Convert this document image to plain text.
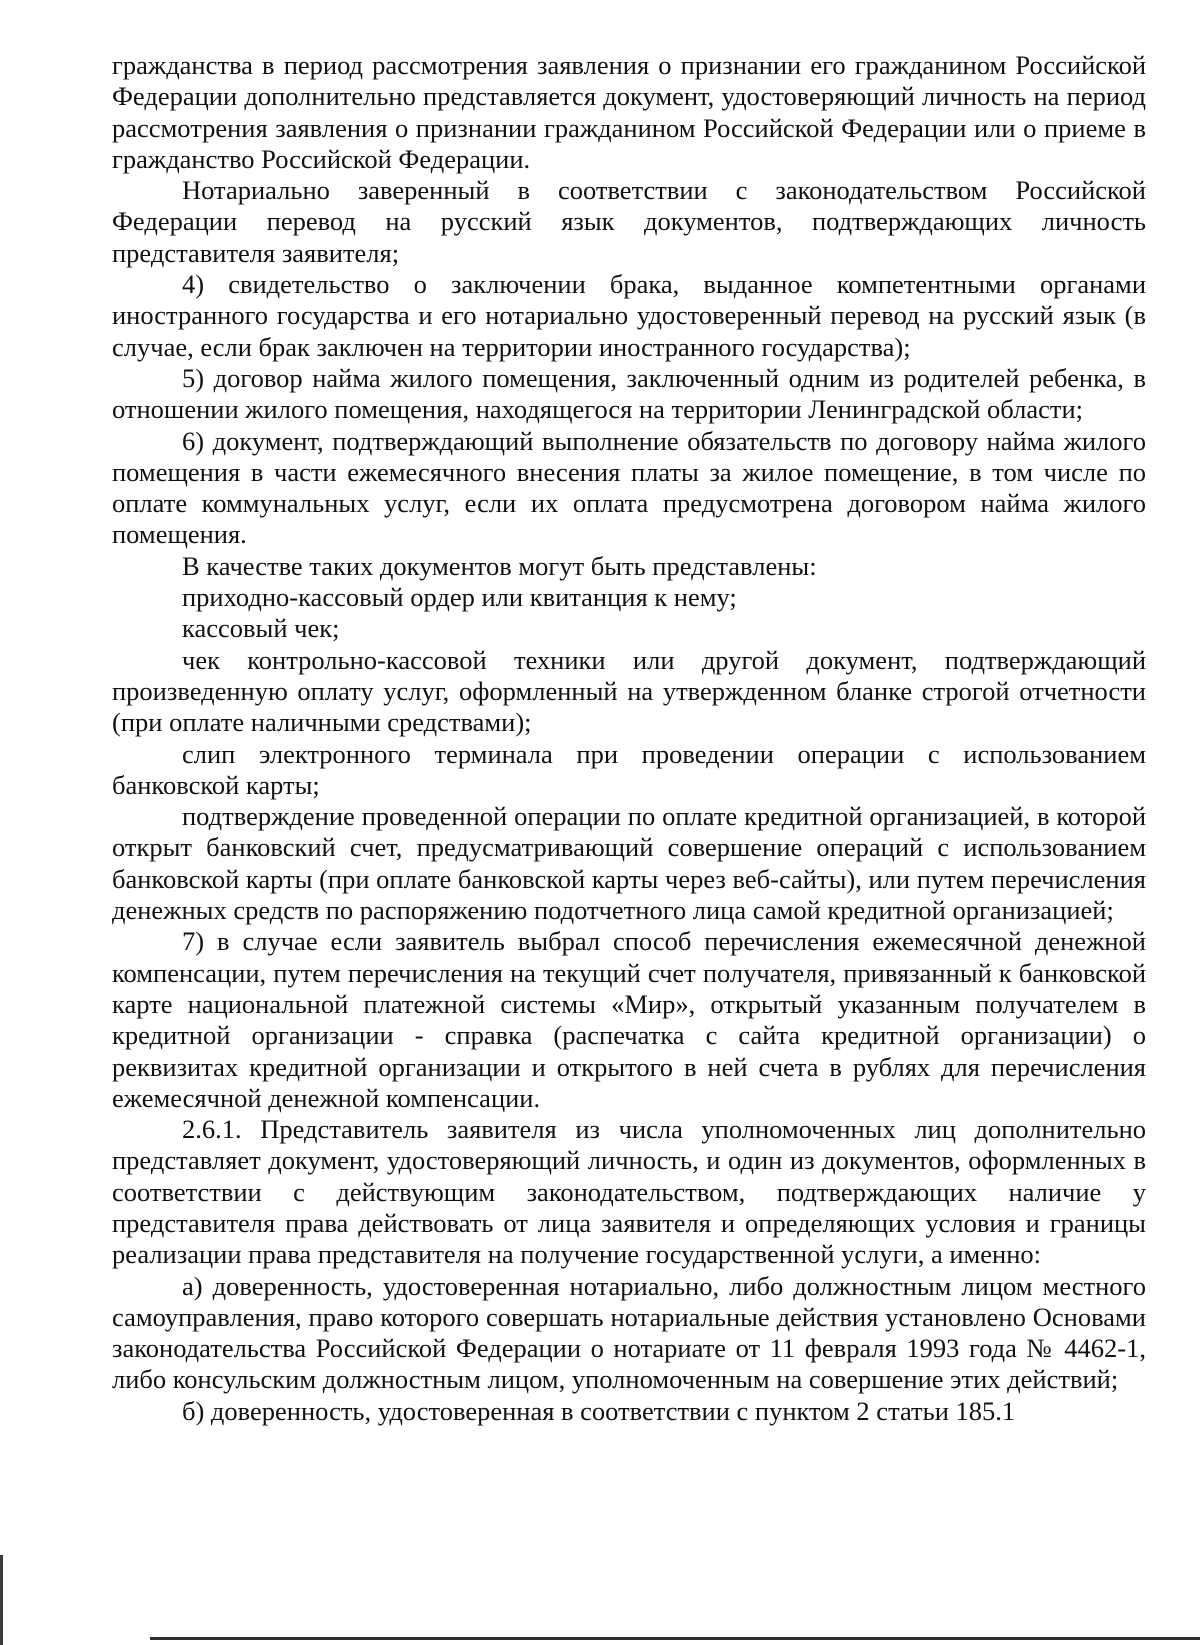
гражданства в период рассмотрения заявления о признании его гражданином Российской Федерации дополнительно представляется документ, удостоверяющий личность на период рассмотрения заявления о признании гражданином Российской Федерации или о приеме в гражданство Российской Федерации.

Нотариально заверенный в соответствии с законодательством Российской Федерации перевод на русский язык документов, подтверждающих личность представителя заявителя;

4) свидетельство о заключении брака, выданное компетентными органами иностранного государства и его нотариально удостоверенный перевод на русский язык (в случае, если брак заключен на территории иностранного государства);

5) договор найма жилого помещения, заключенный одним из родителей ребенка, в отношении жилого помещения, находящегося на территории Ленинградской области;

6) документ, подтверждающий выполнение обязательств по договору найма жилого помещения в части ежемесячного внесения платы за жилое помещение, в том числе по оплате коммунальных услуг, если их оплата предусмотрена договором найма жилого помещения.

В качестве таких документов могут быть представлены:

приходно-кассовый ордер или квитанция к нему;

кассовый чек;

чек контрольно-кассовой техники или другой документ, подтверждающий произведенную оплату услуг, оформленный на утвержденном бланке строгой отчетности (при оплате наличными средствами);

слип электронного терминала при проведении операции с использованием банковской карты;

подтверждение проведенной операции по оплате кредитной организацией, в которой открыт банковский счет, предусматривающий совершение операций с использованием банковской карты (при оплате банковской карты через веб-сайты), или путем перечисления денежных средств по распоряжению подотчетного лица самой кредитной организацией;

7) в случае если заявитель выбрал способ перечисления ежемесячной денежной компенсации, путем перечисления на текущий счет получателя, привязанный к банковской карте национальной платежной системы «Мир», открытый указанным получателем в кредитной организации - справка (распечатка с сайта кредитной организации) о реквизитах кредитной организации и открытого в ней счета в рублях для перечисления ежемесячной денежной компенсации.

2.6.1. Представитель заявителя из числа уполномоченных лиц дополнительно представляет документ, удостоверяющий личность, и один из документов, оформленных в соответствии с действующим законодательством, подтверждающих наличие у представителя права действовать от лица заявителя и определяющих условия и границы реализации права представителя на получение государственной услуги, а именно:

а) доверенность, удостоверенная нотариально, либо должностным лицом местного самоуправления, право которого совершать нотариальные действия установлено Основами законодательства Российской Федерации о нотариате от 11 февраля 1993 года № 4462-1, либо консульским должностным лицом, уполномоченным на совершение этих действий;

б) доверенность, удостоверенная в соответствии с пунктом 2 статьи 185.1
